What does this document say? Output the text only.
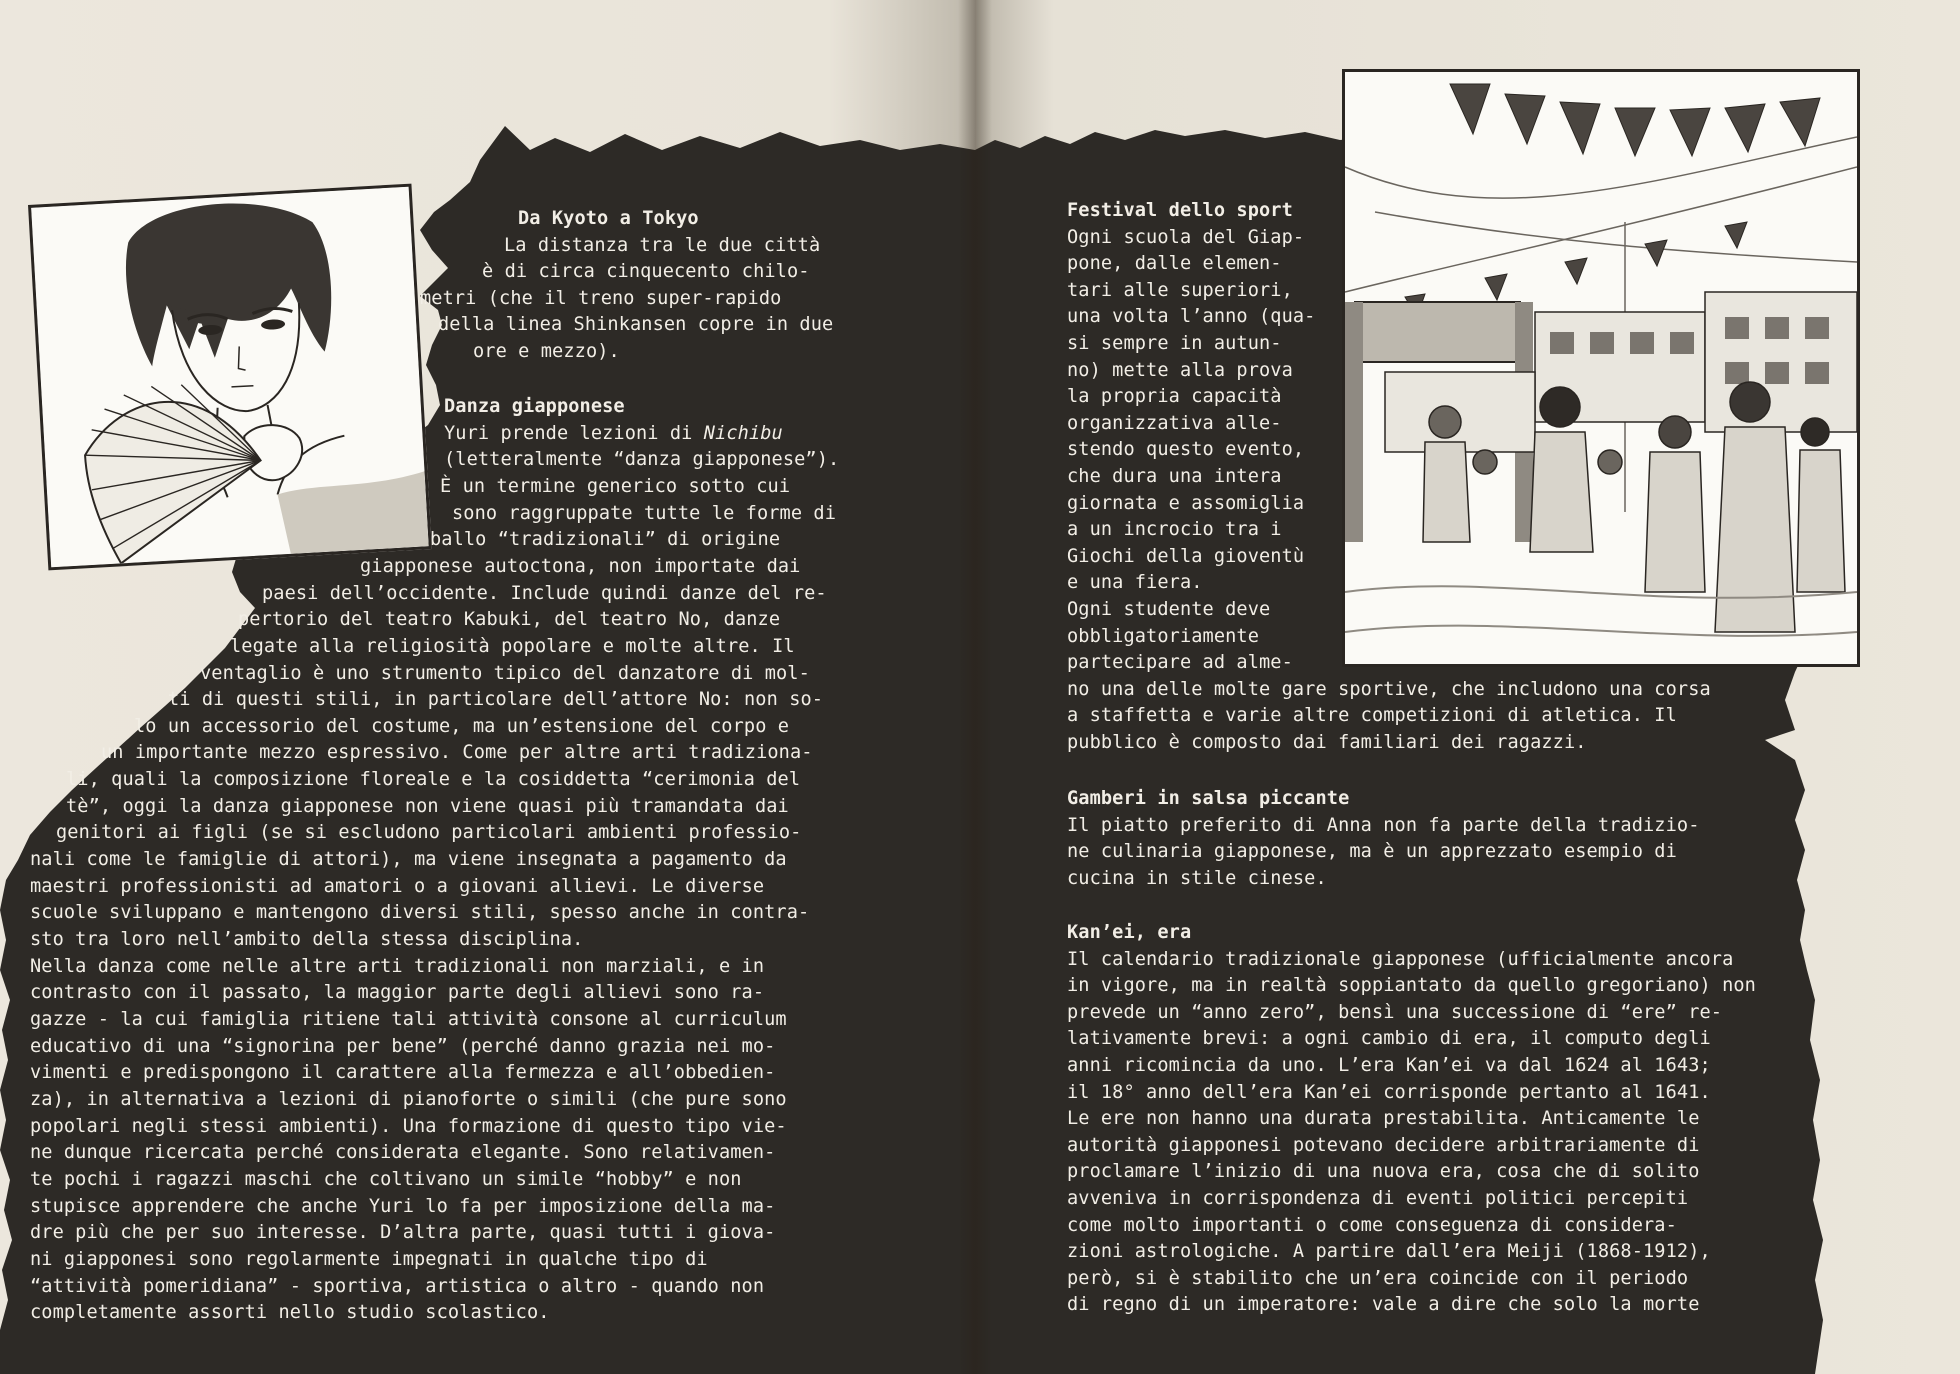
Da Kyoto a Tokyo
La distanza tra le due città
è di circa cinquecento chilo-
metri (che il treno super-rapido
della linea Shinkansen copre in due
ore e mezzo).

Danza giapponese
Yuri prende lezioni di Nichibu
(letteralmente “danza giapponese”).

È un termine generico sotto cui

sono raggruppate tutte le forme di

ballo “tradizionali” di origine

giapponese autoctona, non importate dai

paesi dell’occidente. Include quindi danze del re-

pertorio del teatro Kabuki, del teatro No, danze

legate alla religiosità popolare e molte altre. Il

ventaglio è uno strumento tipico del danzatore di mol-

ti di questi stili, in particolare dell’attore No: non so-

lo un accessorio del costume, ma un’estensione del corpo e

un importante mezzo espressivo. Come per altre arti tradiziona-

li, quali la composizione floreale e la cosiddetta “cerimonia del

tè”, oggi la danza giapponese non viene quasi più tramandata dai

genitori ai figli (se si escludono particolari ambienti professio-

nali come le famiglie di attori), ma viene insegnata a pagamento da

maestri professionisti ad amatori o a giovani allievi. Le diverse

scuole sviluppano e mantengono diversi stili, spesso anche in contra-

sto tra loro nell’ambito della stessa disciplina.

Nella danza come nelle altre arti tradizionali non marziali, e in

contrasto con il passato, la maggior parte degli allievi sono ra-

gazze - la cui famiglia ritiene tali attività consone al curriculum

educativo di una “signorina per bene” (perché danno grazia nei mo-

vimenti e predispongono il carattere alla fermezza e all’obbedien-

za), in alternativa a lezioni di pianoforte o simili (che pure sono

popolari negli stessi ambienti). Una formazione di questo tipo vie-

ne dunque ricercata perché considerata elegante. Sono relativamen-

te pochi i ragazzi maschi che coltivano un simile “hobby” e non

stupisce apprendere che anche Yuri lo fa per imposizione della ma-

dre più che per suo interesse. D’altra parte, quasi tutti i giova-

ni giapponesi sono regolarmente impegnati in qualche tipo di

“attività pomeridiana” - sportiva, artistica o altro - quando non

completamente assorti nello studio scolastico.

Festival dello sport
Ogni scuola del Giap-
pone, dalle elemen-
tari alle superiori,
una volta l’anno (qua-
si sempre in autun-
no) mette alla prova
la propria capacità
organizzativa alle-
stendo questo evento,
che dura una intera
giornata e assomiglia
a un incrocio tra i
Giochi della gioventù
e una fiera.
Ogni studente deve
obbligatoriamente
partecipare ad alme-
no una delle molte gare sportive, che includono una corsa
a staffetta e varie altre competizioni di atletica. Il
pubblico è composto dai familiari dei ragazzi.

Gamberi in salsa piccante
Il piatto preferito di Anna non fa parte della tradizio-
ne culinaria giapponese, ma è un apprezzato esempio di
cucina in stile cinese.

Kan’ei, era
Il calendario tradizionale giapponese (ufficialmente ancora
in vigore, ma in realtà soppiantato da quello gregoriano) non
prevede un “anno zero”, bensì una successione di “ere” re-
lativamente brevi: a ogni cambio di era, il computo degli
anni ricomincia da uno. L’era Kan’ei va dal 1624 al 1643;
il 18° anno dell’era Kan’ei corrisponde pertanto al 1641.
Le ere non hanno una durata prestabilita. Anticamente le
autorità giapponesi potevano decidere arbitrariamente di
proclamare l’inizio di una nuova era, cosa che di solito
avveniva in corrispondenza di eventi politici percepiti
come molto importanti o come conseguenza di considera-
zioni astrologiche. A partire dall’era Meiji (1868-1912),
però, si è stabilito che un’era coincide con il periodo
di regno di un imperatore: vale a dire che solo la morte
